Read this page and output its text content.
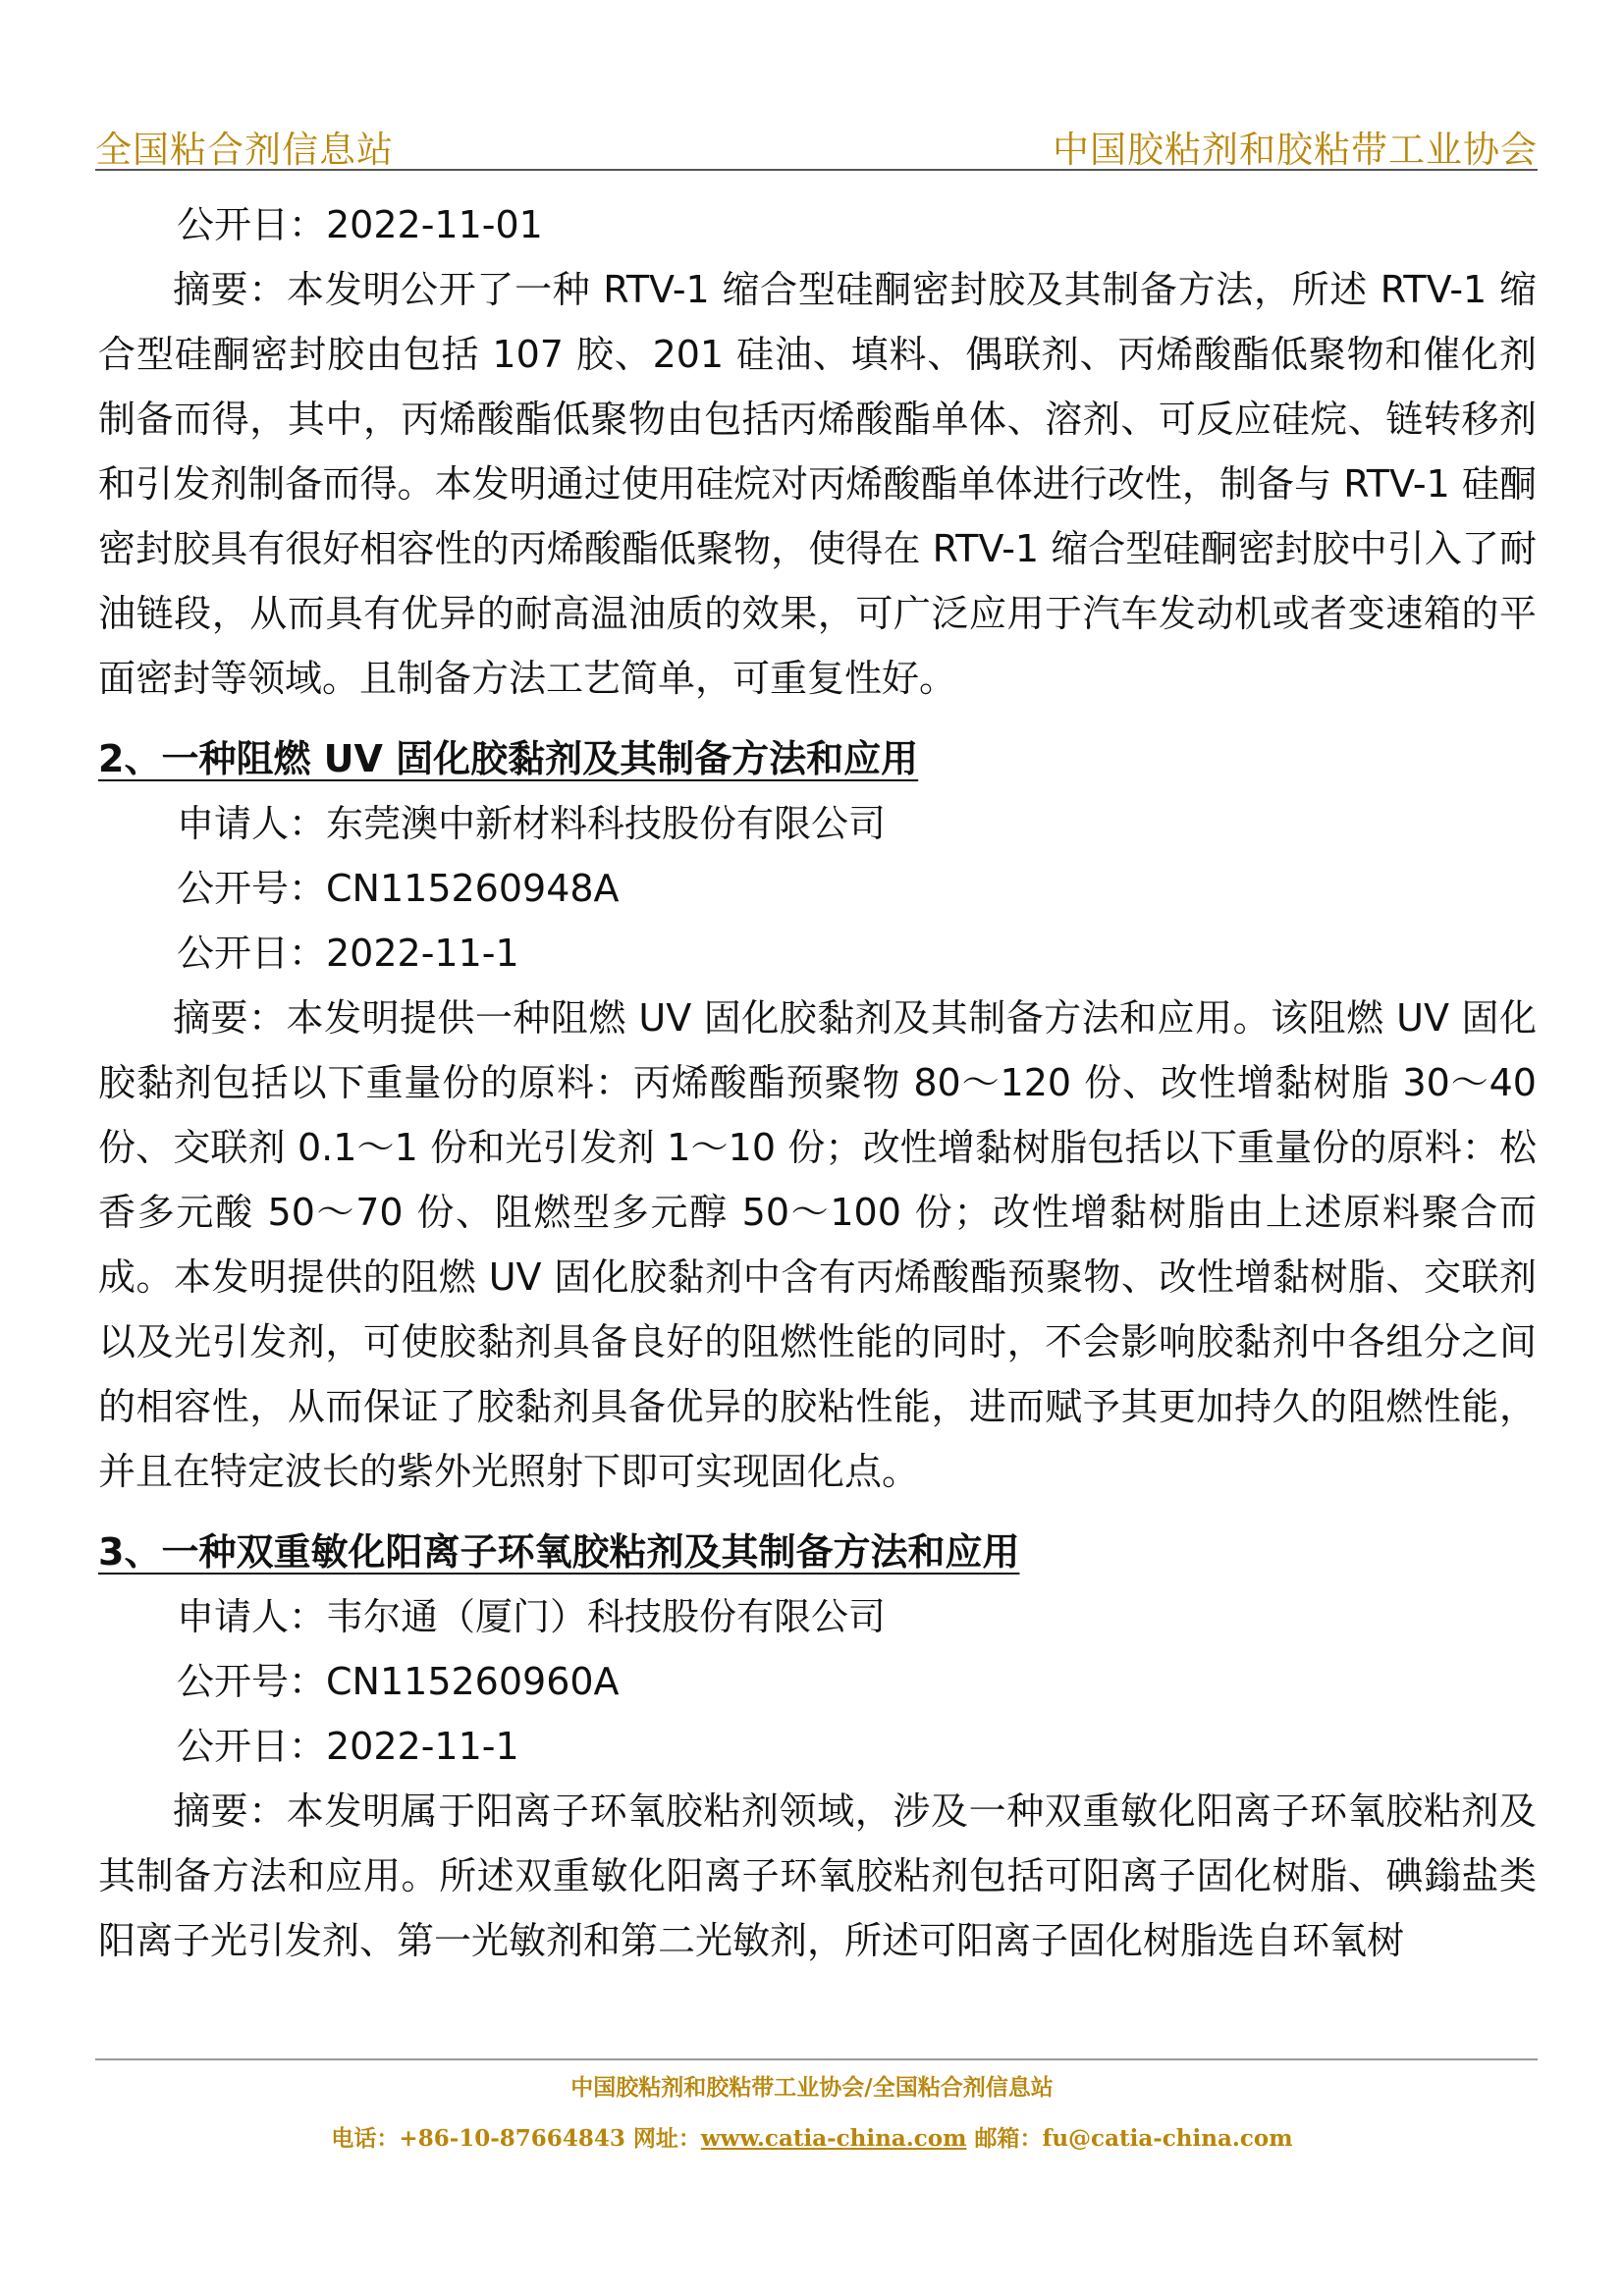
全国粘合剂信息站	中国胶粘剂和胶粘带工业协会

公开日：2022-11-01

摘要：本发明公开了一种 RTV-1 缩合型硅酮密封胶及其制备方法，所述 RTV-1 缩合型硅酮密封胶由包括 107 胶、201 硅油、填料、偶联剂、丙烯酸酯低聚物和催化剂制备而得，其中，丙烯酸酯低聚物由包括丙烯酸酯单体、溶剂、可反应硅烷、链转移剂和引发剂制备而得。本发明通过使用硅烷对丙烯酸酯单体进行改性，制备与 RTV-1 硅酮密封胶具有很好相容性的丙烯酸酯低聚物，使得在 RTV-1 缩合型硅酮密封胶中引入了耐油链段，从而具有优异的耐高温油质的效果，可广泛应用于汽车发动机或者变速箱的平面密封等领域。且制备方法工艺简单，可重复性好。

2、一种阻燃 UV 固化胶黏剂及其制备方法和应用

申请人：东莞澳中新材料科技股份有限公司

公开号：CN115260948A

公开日：2022-11-1

摘要：本发明提供一种阻燃 UV 固化胶黏剂及其制备方法和应用。该阻燃 UV 固化胶黏剂包括以下重量份的原料：丙烯酸酯预聚物 80～120 份、改性增黏树脂 30～40 份、交联剂 0.1～1 份和光引发剂 1～10 份；改性增黏树脂包括以下重量份的原料：松香多元酸 50～70 份、阻燃型多元醇 50～100 份；改性增黏树脂由上述原料聚合而成。本发明提供的阻燃 UV 固化胶黏剂中含有丙烯酸酯预聚物、改性增黏树脂、交联剂以及光引发剂，可使胶黏剂具备良好的阻燃性能的同时，不会影响胶黏剂中各组分之间的相容性，从而保证了胶黏剂具备优异的胶粘性能，进而赋予其更加持久的阻燃性能，并且在特定波长的紫外光照射下即可实现固化点。

3、一种双重敏化阳离子环氧胶粘剂及其制备方法和应用

申请人：韦尔通（厦门）科技股份有限公司

公开号：CN115260960A

公开日：2022-11-1

摘要：本发明属于阳离子环氧胶粘剂领域，涉及一种双重敏化阳离子环氧胶粘剂及其制备方法和应用。所述双重敏化阳离子环氧胶粘剂包括可阳离子固化树脂、碘鎓盐类阳离子光引发剂、第一光敏剂和第二光敏剂，所述可阳离子固化树脂选自环氧树

中国胶粘剂和胶粘带工业协会/全国粘合剂信息站
电话：+86-10-87664843 网址：www.catia-china.com 邮箱：fu@catia-china.com
